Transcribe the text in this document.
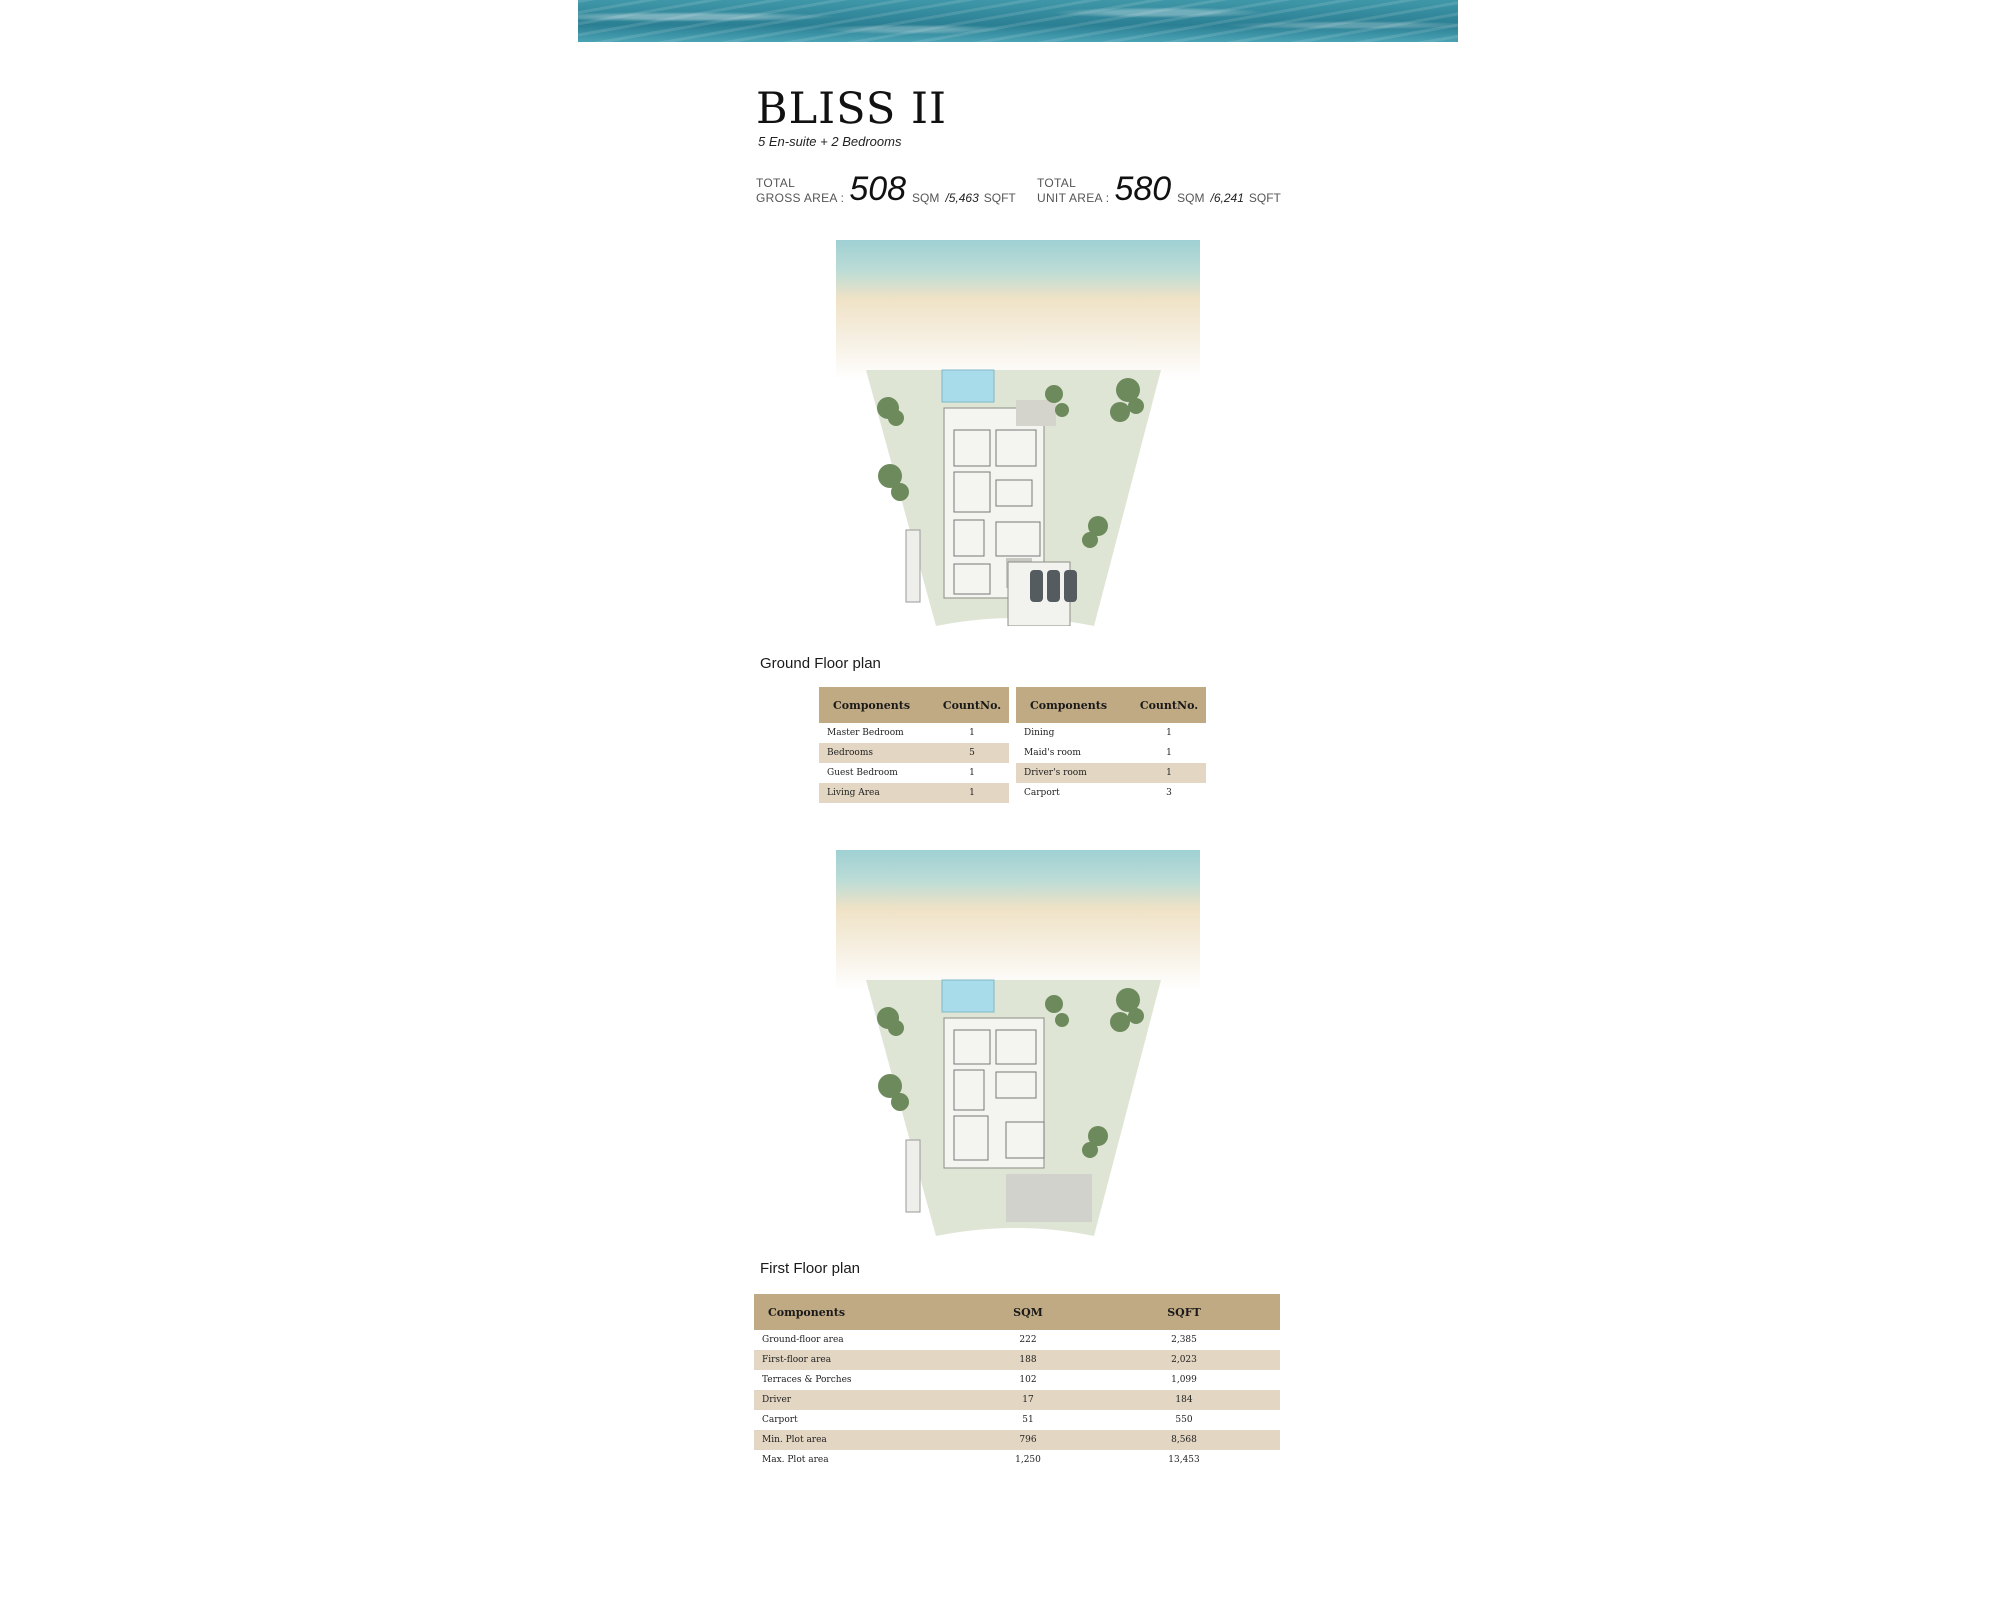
BLISS II
5 En-suite + 2 Bedrooms
TOTAL
GROSS AREA : 508 SQM /5,463 SQFT
TOTAL
UNIT AREA : 580 SQM /6,241 SQFT
Ground Floor plan
Components	CountNo.
Master Bedroom	1
Bedrooms	5
Guest Bedroom	1
Living Area	1
Components	CountNo.
Dining	1
Maid's room	1
Driver's room	1
Carport	3
First Floor plan
Components	SQM	SQFT
Ground-floor area	222	2,385
First-floor area	188	2,023
Terraces & Porches	102	1,099
Driver	17	184
Carport	51	550
Min. Plot area	796	8,568
Max. Plot area	1,250	13,453
